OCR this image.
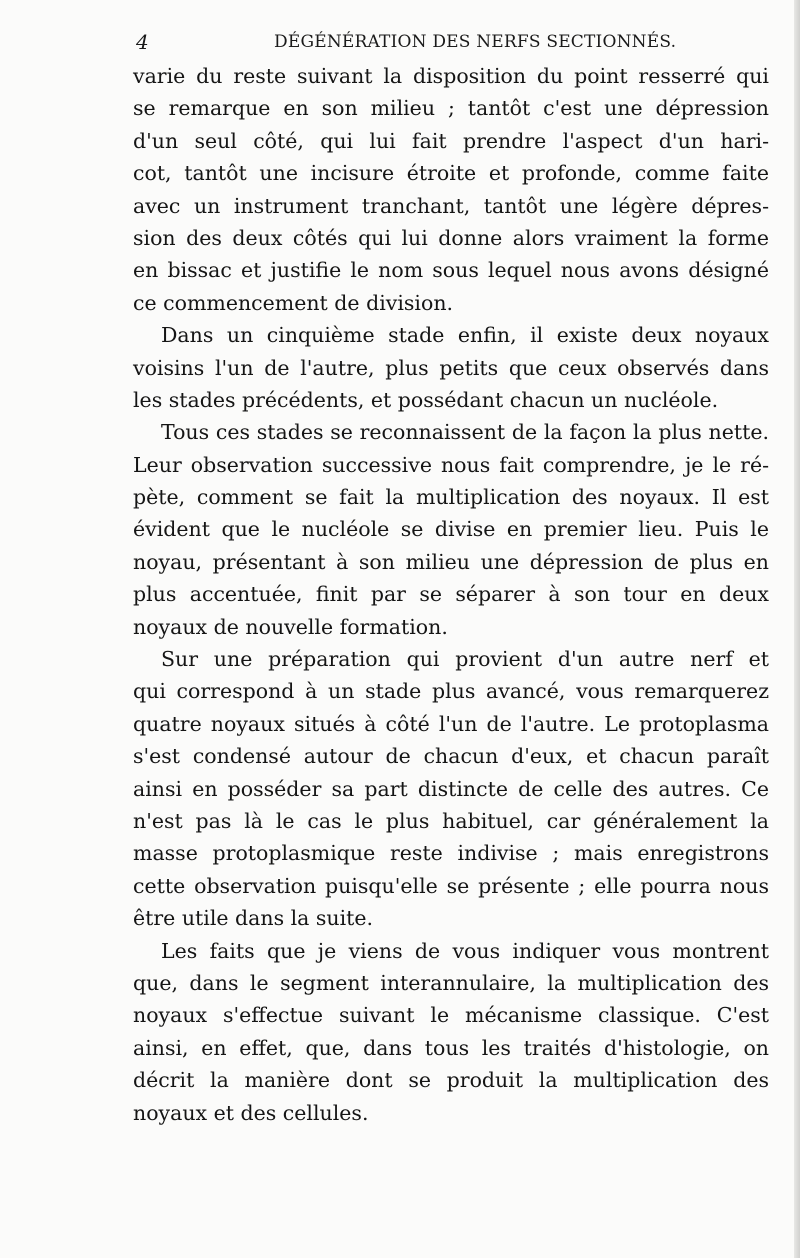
4	DÉGÉNÉRATION DES NERFS SECTIONNÉS.
varie du reste suivant la disposition du point resserré qui
se remarque en son milieu ; tantôt c'est une dépression
d'un seul côté, qui lui fait prendre l'aspect d'un hari-
cot, tantôt une incisure étroite et profonde, comme faite
avec un instrument tranchant, tantôt une légère dépres-
sion des deux côtés qui lui donne alors vraiment la forme
en bissac et justifie le nom sous lequel nous avons désigné
ce commencement de division.
Dans un cinquième stade enfin, il existe deux noyaux
voisins l'un de l'autre, plus petits que ceux observés dans
les stades précédents, et possédant chacun un nucléole.
Tous ces stades se reconnaissent de la façon la plus nette.
Leur observation successive nous fait comprendre, je le ré-
pète, comment se fait la multiplication des noyaux. Il est
évident que le nucléole se divise en premier lieu. Puis le
noyau, présentant à son milieu une dépression de plus en
plus accentuée, finit par se séparer à son tour en deux
noyaux de nouvelle formation.
Sur une préparation qui provient d'un autre nerf et
qui correspond à un stade plus avancé, vous remarquerez
quatre noyaux situés à côté l'un de l'autre. Le protoplasma
s'est condensé autour de chacun d'eux, et chacun paraît
ainsi en posséder sa part distincte de celle des autres. Ce
n'est pas là le cas le plus habituel, car généralement la
masse protoplasmique reste indivise ; mais enregistrons
cette observation puisqu'elle se présente ; elle pourra nous
être utile dans la suite.
Les faits que je viens de vous indiquer vous montrent
que, dans le segment interannulaire, la multiplication des
noyaux s'effectue suivant le mécanisme classique. C'est
ainsi, en effet, que, dans tous les traités d'histologie, on
décrit la manière dont se produit la multiplication des
noyaux et des cellules.
